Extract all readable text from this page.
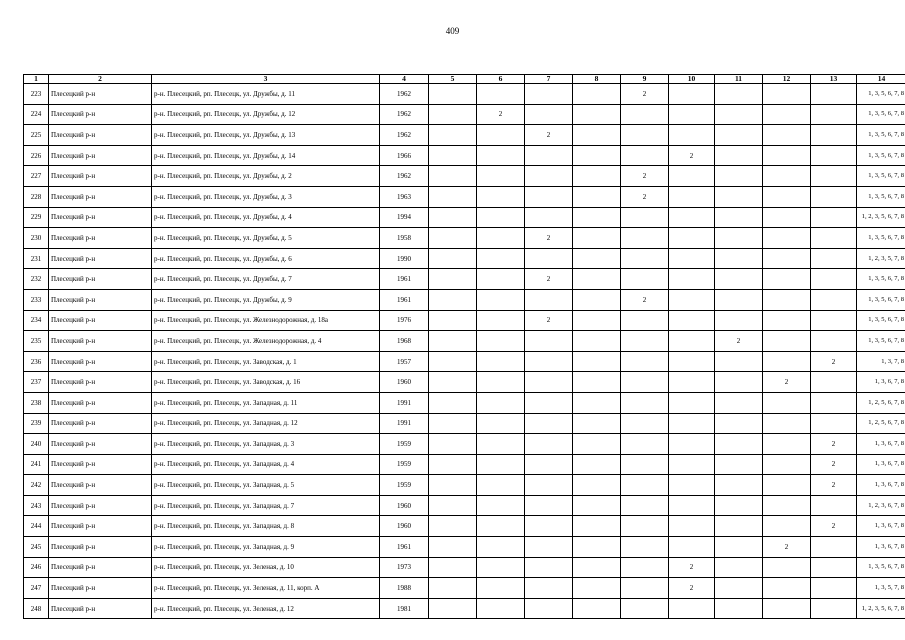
409
1	2	3	4	5	6	7	8	9	10	11	12	13	14
223	Плесецкий р-н	р-н. Плесецкий, рп. Плесецк, ул. Дружбы, д. 11	1962					2					1, 3, 5, 6, 7, 8
224	Плесецкий р-н	р-н. Плесецкий, рп. Плесецк, ул. Дружбы, д. 12	1962		2								1, 3, 5, 6, 7, 8
225	Плесецкий р-н	р-н. Плесецкий, рп. Плесецк, ул. Дружбы, д. 13	1962			2							1, 3, 5, 6, 7, 8
226	Плесецкий р-н	р-н. Плесецкий, рп. Плесецк, ул. Дружбы, д. 14	1966						2				1, 3, 5, 6, 7, 8
227	Плесецкий р-н	р-н. Плесецкий, рп. Плесецк, ул. Дружбы, д. 2	1962					2					1, 3, 5, 6, 7, 8
228	Плесецкий р-н	р-н. Плесецкий, рп. Плесецк, ул. Дружбы, д. 3	1963					2					1, 3, 5, 6, 7, 8
229	Плесецкий р-н	р-н. Плесецкий, рп. Плесецк, ул. Дружбы, д. 4	1994										1, 2, 3, 5, 6, 7, 8
230	Плесецкий р-н	р-н. Плесецкий, рп. Плесецк, ул. Дружбы, д. 5	1958			2							1, 3, 5, 6, 7, 8
231	Плесецкий р-н	р-н. Плесецкий, рп. Плесецк, ул. Дружбы, д. 6	1990										1, 2, 3, 5, 7, 8
232	Плесецкий р-н	р-н. Плесецкий, рп. Плесецк, ул. Дружбы, д. 7	1961			2							1, 3, 5, 6, 7, 8
233	Плесецкий р-н	р-н. Плесецкий, рп. Плесецк, ул. Дружбы, д. 9	1961					2					1, 3, 5, 6, 7, 8
234	Плесецкий р-н	р-н. Плесецкий, рп. Плесецк, ул. Железнодорожная, д. 18а	1976			2							1, 3, 5, 6, 7, 8
235	Плесецкий р-н	р-н. Плесецкий, рп. Плесецк, ул. Железнодорожная, д. 4	1968							2			1, 3, 5, 6, 7, 8
236	Плесецкий р-н	р-н. Плесецкий, рп. Плесецк, ул. Заводская, д. 1	1957									2	1, 3, 7, 8
237	Плесецкий р-н	р-н. Плесецкий, рп. Плесецк, ул. Заводская, д. 16	1960								2		1, 3, 6, 7, 8
238	Плесецкий р-н	р-н. Плесецкий, рп. Плесецк, ул. Западная, д. 11	1991										1, 2, 5, 6, 7, 8
239	Плесецкий р-н	р-н. Плесецкий, рп. Плесецк, ул. Западная, д. 12	1991										1, 2, 5, 6, 7, 8
240	Плесецкий р-н	р-н. Плесецкий, рп. Плесецк, ул. Западная, д. 3	1959									2	1, 3, 6, 7, 8
241	Плесецкий р-н	р-н. Плесецкий, рп. Плесецк, ул. Западная, д. 4	1959									2	1, 3, 6, 7, 8
242	Плесецкий р-н	р-н. Плесецкий, рп. Плесецк, ул. Западная, д. 5	1959									2	1, 3, 6, 7, 8
243	Плесецкий р-н	р-н. Плесецкий, рп. Плесецк, ул. Западная, д. 7	1960										1, 2, 3, 6, 7, 8
244	Плесецкий р-н	р-н. Плесецкий, рп. Плесецк, ул. Западная, д. 8	1960									2	1, 3, 6, 7, 8
245	Плесецкий р-н	р-н. Плесецкий, рп. Плесецк, ул. Западная, д. 9	1961								2		1, 3, 6, 7, 8
246	Плесецкий р-н	р-н. Плесецкий, рп. Плесецк, ул. Зеленая, д. 10	1973						2				1, 3, 5, 6, 7, 8
247	Плесецкий р-н	р-н. Плесецкий, рп. Плесецк, ул. Зеленая, д. 11, корп. А	1988						2				1, 3, 5, 7, 8
248	Плесецкий р-н	р-н. Плесецкий, рп. Плесецк, ул. Зеленая, д. 12	1981										1, 2, 3, 5, 6, 7, 8
